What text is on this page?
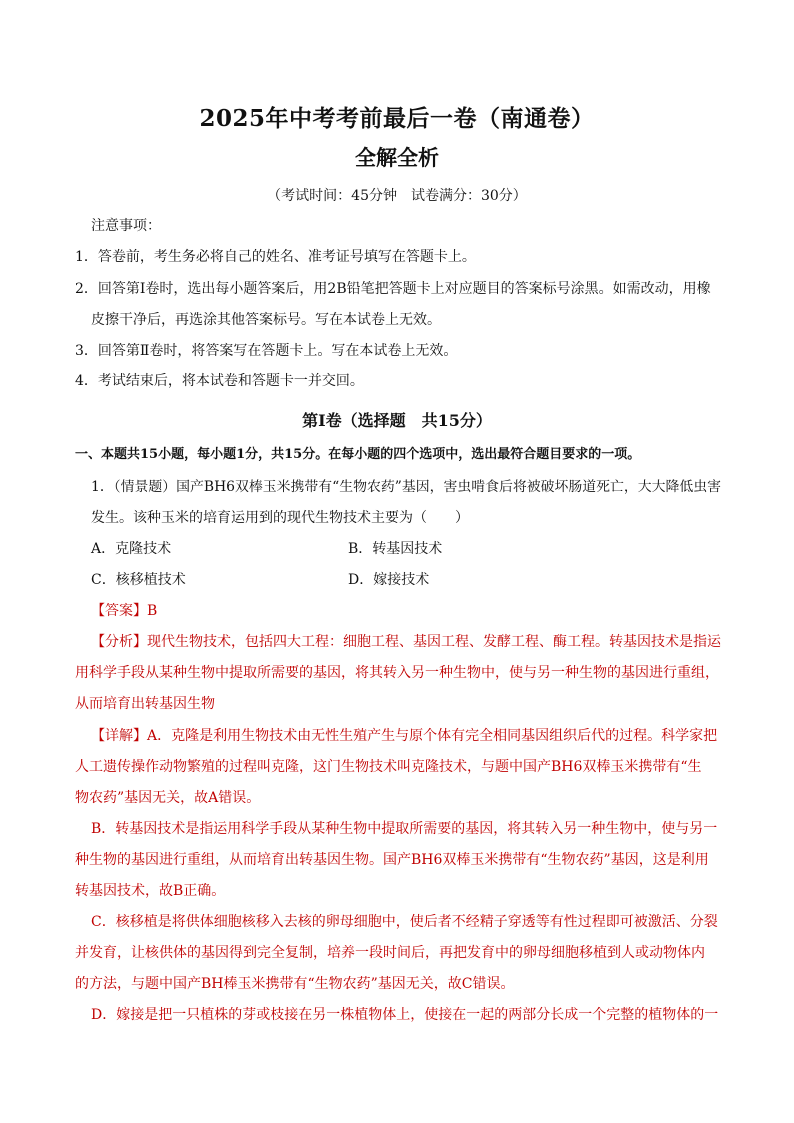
2025年中考考前最后一卷（南通卷）
全解全析
（考试时间：45分钟　试卷满分：30分）
注意事项：
1．答卷前，考生务必将自己的姓名、准考证号填写在答题卡上。
2．回答第Ⅰ卷时，选出每小题答案后，用2B铅笔把答题卡上对应题目的答案标号涂黑。如需改动，用橡
皮擦干净后，再选涂其他答案标号。写在本试卷上无效。
3．回答第Ⅱ卷时，将答案写在答题卡上。写在本试卷上无效。
4．考试结束后，将本试卷和答题卡一并交回。
第Ⅰ卷（选择题　共15分）
一、本题共15小题，每小题1分，共15分。在每小题的四个选项中，选出最符合题目要求的一项。
1．（情景题）国产BH6双棒玉米携带有“生物农药”基因，害虫啃食后将被破坏肠道死亡，大大降低虫害
发生。该种玉米的培育运用到的现代生物技术主要为（　　）
A．克隆技术	B．转基因技术
C．核移植技术	D．嫁接技术
【答案】B
【分析】现代生物技术，包括四大工程：细胞工程、基因工程、发酵工程、酶工程。转基因技术是指运
用科学手段从某种生物中提取所需要的基因，将其转入另一种生物中，使与另一种生物的基因进行重组，
从而培育出转基因生物
【详解】A．克隆是利用生物技术由无性生殖产生与原个体有完全相同基因组织后代的过程。科学家把
人工遗传操作动物繁殖的过程叫克隆，这门生物技术叫克隆技术，与题中国产BH6双棒玉米携带有“生
物农药”基因无关，故A错误。
B．转基因技术是指运用科学手段从某种生物中提取所需要的基因，将其转入另一种生物中，使与另一
种生物的基因进行重组，从而培育出转基因生物。国产BH6双棒玉米携带有“生物农药”基因，这是利用
转基因技术，故B正确。
C．核移植是将供体细胞核移入去核的卵母细胞中，使后者不经精子穿透等有性过程即可被激活、分裂
并发育，让核供体的基因得到完全复制，培养一段时间后，再把发育中的卵母细胞移植到人或动物体内
的方法，与题中国产BH棒玉米携带有“生物农药”基因无关，故C错误。
D．嫁接是把一只植株的芽或枝接在另一株植物体上，使接在一起的两部分长成一个完整的植物体的一
